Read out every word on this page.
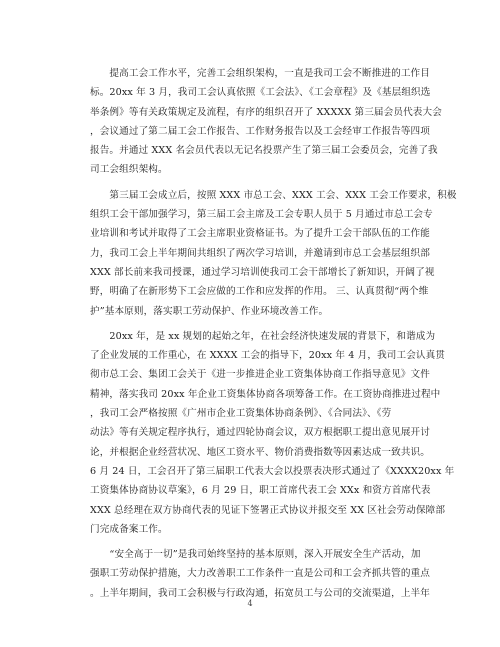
　　提高工会工作水平，完善工会组织架构，一直是我司工会不断推进的工作目
标。20xx 年 3 月，我司工会认真依照《工会法》、《工会章程》及《基层组织选
举条例》等有关政策规定及流程，有序的组织召开了 XXXXX 第三届会员代表大会
，会议通过了第二届工会工作报告、工作财务报告以及工会经审工作报告等四项
报告。并通过 XXX 名会员代表以无记名投票产生了第三届工会委员会，完善了我
司工会组织架构。

　　第三届工会成立后，按照 XXX 市总工会、XXX 工会、XXX 工会工作要求，积极
组织工会干部加强学习，第三届工会主席及工会专职人员于 5 月通过市总工会专
业培训和考试并取得了工会主席职业资格证书。为了提升工会干部队伍的工作能
力，我司工会上半年期间共组织了两次学习培训，并邀请到市总工会基层组织部
XXX 部长前来我司授课，通过学习培训使我司工会干部增长了新知识，开阔了视
野，明确了在新形势下工会应做的工作和应发挥的作用。 三、认真贯彻“两个维
护”基本原则，落实职工劳动保护、作业环境改善工作。

　　20xx 年，是 xx 规划的起始之年，在社会经济快速发展的背景下，和谐成为
了企业发展的工作重心，在 XXXX 工会的指导下，20xx 年 4 月，我司工会认真贯
彻市总工会、集团工会关于《进一步推进企业工资集体协商工作指导意见》文件
精神，落实我司 20xx 年企业工资集体协商各项筹备工作。在工资协商推进过程中
，我司工会严格按照《广州市企业工资集体协商条例》、《合同法》、《劳
动法》等有关规定程序执行，通过四轮协商会议，双方根据职工提出意见展开讨
论，并根据企业经营状况、地区工资水平、物价消费指数等因素达成一致共识。
6 月 24 日，工会召开了第三届职工代表大会以投票表决形式通过了《XXXX20xx 年
工资集体协商协议草案》，6 月 29 日，职工首席代表工会 XXx 和资方首席代表
XXX 总经理在双方协商代表的见证下签署正式协议并报交至 XX 区社会劳动保障部
门完成备案工作。

　　“安全高于一切”是我司始终坚持的基本原则，深入开展安全生产活动，加
强职工劳动保护措施，大力改善职工工作条件一直是公司和工会齐抓共管的重点
。上半年期间，我司工会积极与行政沟通，拓宽员工与公司的交流渠道，上半年

4
